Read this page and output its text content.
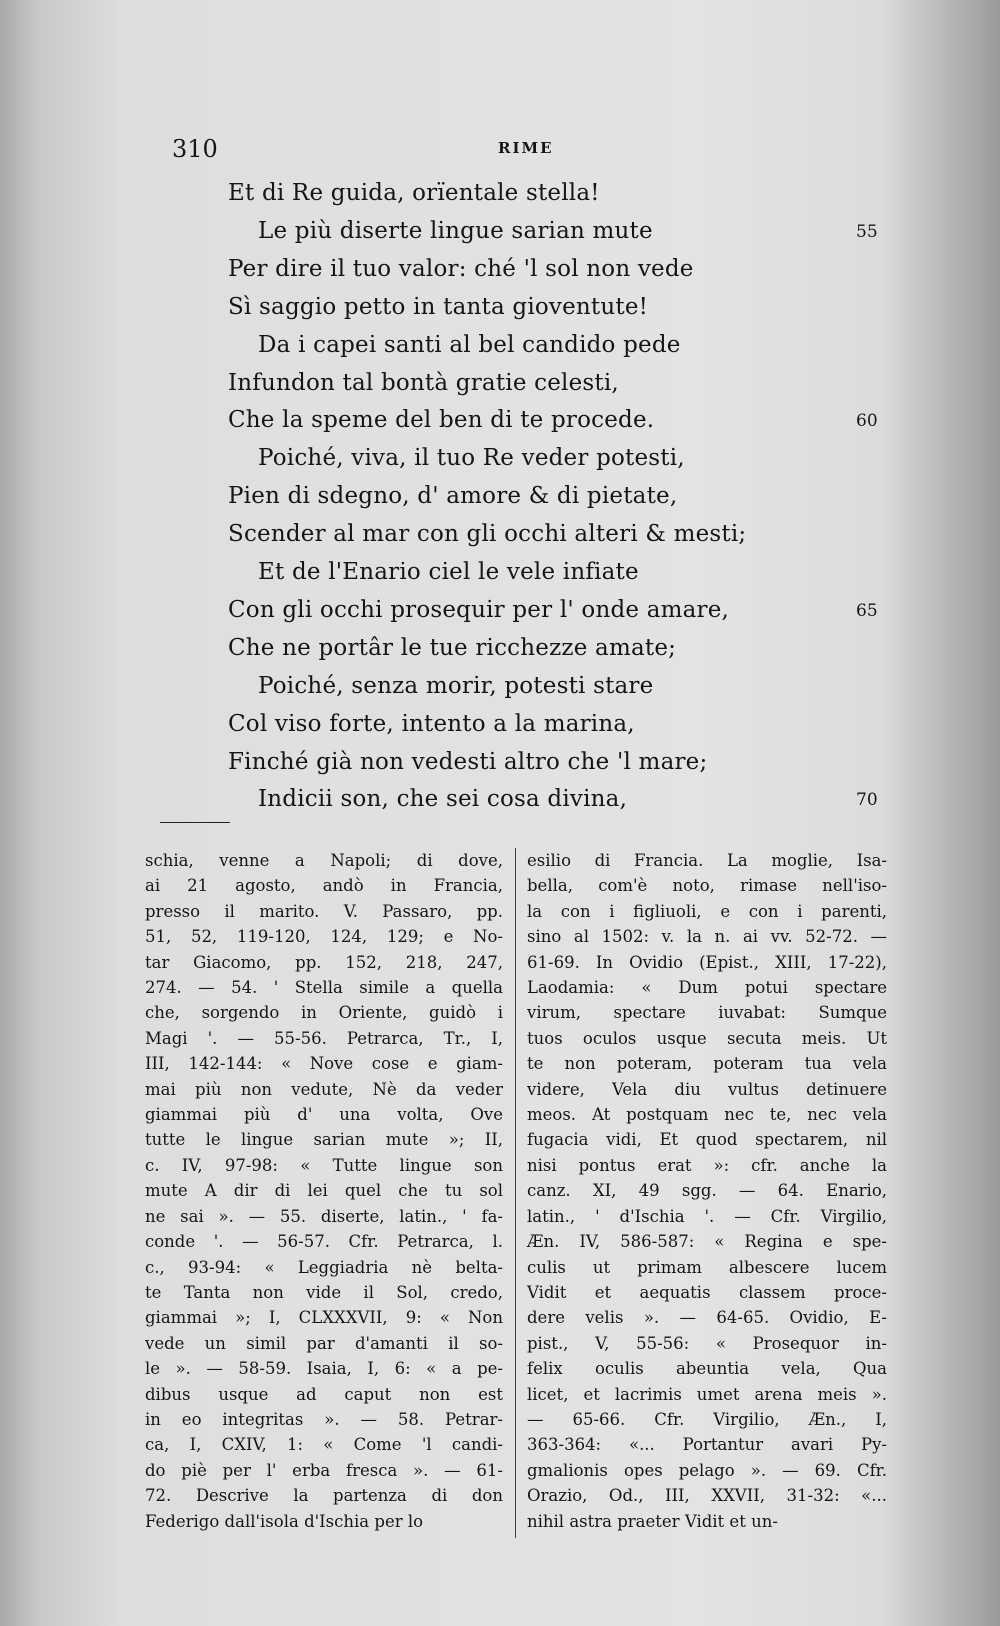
310	RIME
Et di Re guida, orïentale stella!
Le più diserte lingue sarian mute	55
Per dire il tuo valor: ché 'l sol non vede
Sì saggio petto in tanta gioventute!
Da i capei santi al bel candido pede
Infundon tal bontà gratie celesti,
Che la speme del ben di te procede.	60
Poiché, viva, il tuo Re veder potesti,
Pien di sdegno, d' amore & di pietate,
Scender al mar con gli occhi alteri & mesti;
Et de l'Enario ciel le vele infiate
Con gli occhi prosequir per l' onde amare,	65
Che ne portâr le tue ricchezze amate;
Poiché, senza morir, potesti stare
Col viso forte, intento a la marina,
Finché già non vedesti altro che 'l mare;
Indicii son, che sei cosa divina,	70
schia, venne a Napoli; di dove,
ai 21 agosto, andò in Francia,
presso il marito. V. Passaro, pp.
51, 52, 119-120, 124, 129; e No-
tar Giacomo, pp. 152, 218, 247,
274. — 54. ' Stella simile a quella
che, sorgendo in Oriente, guidò i
Magi '. — 55-56. Petrarca, Tr., I,
III, 142-144: « Nove cose e giam-
mai più non vedute, Nè da veder
giammai più d' una volta, Ove
tutte le lingue sarian mute »; II,
c. IV, 97-98: « Tutte lingue son
mute A dir di lei quel che tu sol
ne sai ». — 55. diserte, latin., ' fa-
conde '. — 56-57. Cfr. Petrarca, l.
c., 93-94: « Leggiadria nè belta-
te Tanta non vide il Sol, credo,
giammai »; I, CLXXXVII, 9: « Non
vede un simil par d'amanti il so-
le ». — 58-59. Isaia, I, 6: « a pe-
dibus usque ad caput non est
in eo integritas ». — 58. Petrar-
ca, I, CXIV, 1: « Come 'l candi-
do piè per l' erba fresca ». — 61-
72. Descrive la partenza di don
Federigo dall'isola d'Ischia per lo
esilio di Francia. La moglie, Isa-
bella, com'è noto, rimase nell'iso-
la con i figliuoli, e con i parenti,
sino al 1502: v. la n. ai vv. 52-72. —
61-69. In Ovidio (Epist., XIII, 17-22),
Laodamia: « Dum potui spectare
virum, spectare iuvabat: Sumque
tuos oculos usque secuta meis. Ut
te non poteram, poteram tua vela
videre, Vela diu vultus detinuere
meos. At postquam nec te, nec vela
fugacia vidi, Et quod spectarem, nil
nisi pontus erat »: cfr. anche la
canz. XI, 49 sgg. — 64. Enario,
latin., ' d'Ischia '. — Cfr. Virgilio,
Æn. IV, 586-587: « Regina e spe-
culis ut primam albescere lucem
Vidit et aequatis classem proce-
dere velis ». — 64-65. Ovidio, E-
pist., V, 55-56: « Prosequor in-
felix oculis abeuntia vela, Qua
licet, et lacrimis umet arena meis ».
— 65-66. Cfr. Virgilio, Æn., I,
363-364: «... Portantur avari Py-
gmalionis opes pelago ». — 69. Cfr.
Orazio, Od., III, XXVII, 31-32: «...
nihil astra praeter Vidit et un-
